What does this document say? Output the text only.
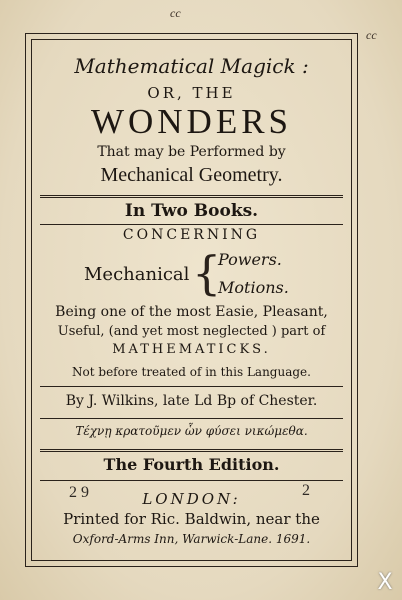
cc
cc
Mathematical Magick :
OR, THE
WONDERS
That may be Performed by
Mechanical Geometry.
In Two Books.
CONCERNING
Mechanical {
Powers.
Motions.
Being one of the most Easie, Pleasant,
Useful, (and yet most neglected ) part of
MATHEMATICKS.
Not before treated of in this Language.
By J. Wilkins, late Ld Bp of Chester.
Τέχνῃ κρατοῦμεν ὧν φύσει νικώμεθα.
The Fourth Edition.
2 9	2
LONDON:
Printed for Ric. Baldwin, near the
Oxford-Arms Inn, Warwick-Lane. 1691.
X
